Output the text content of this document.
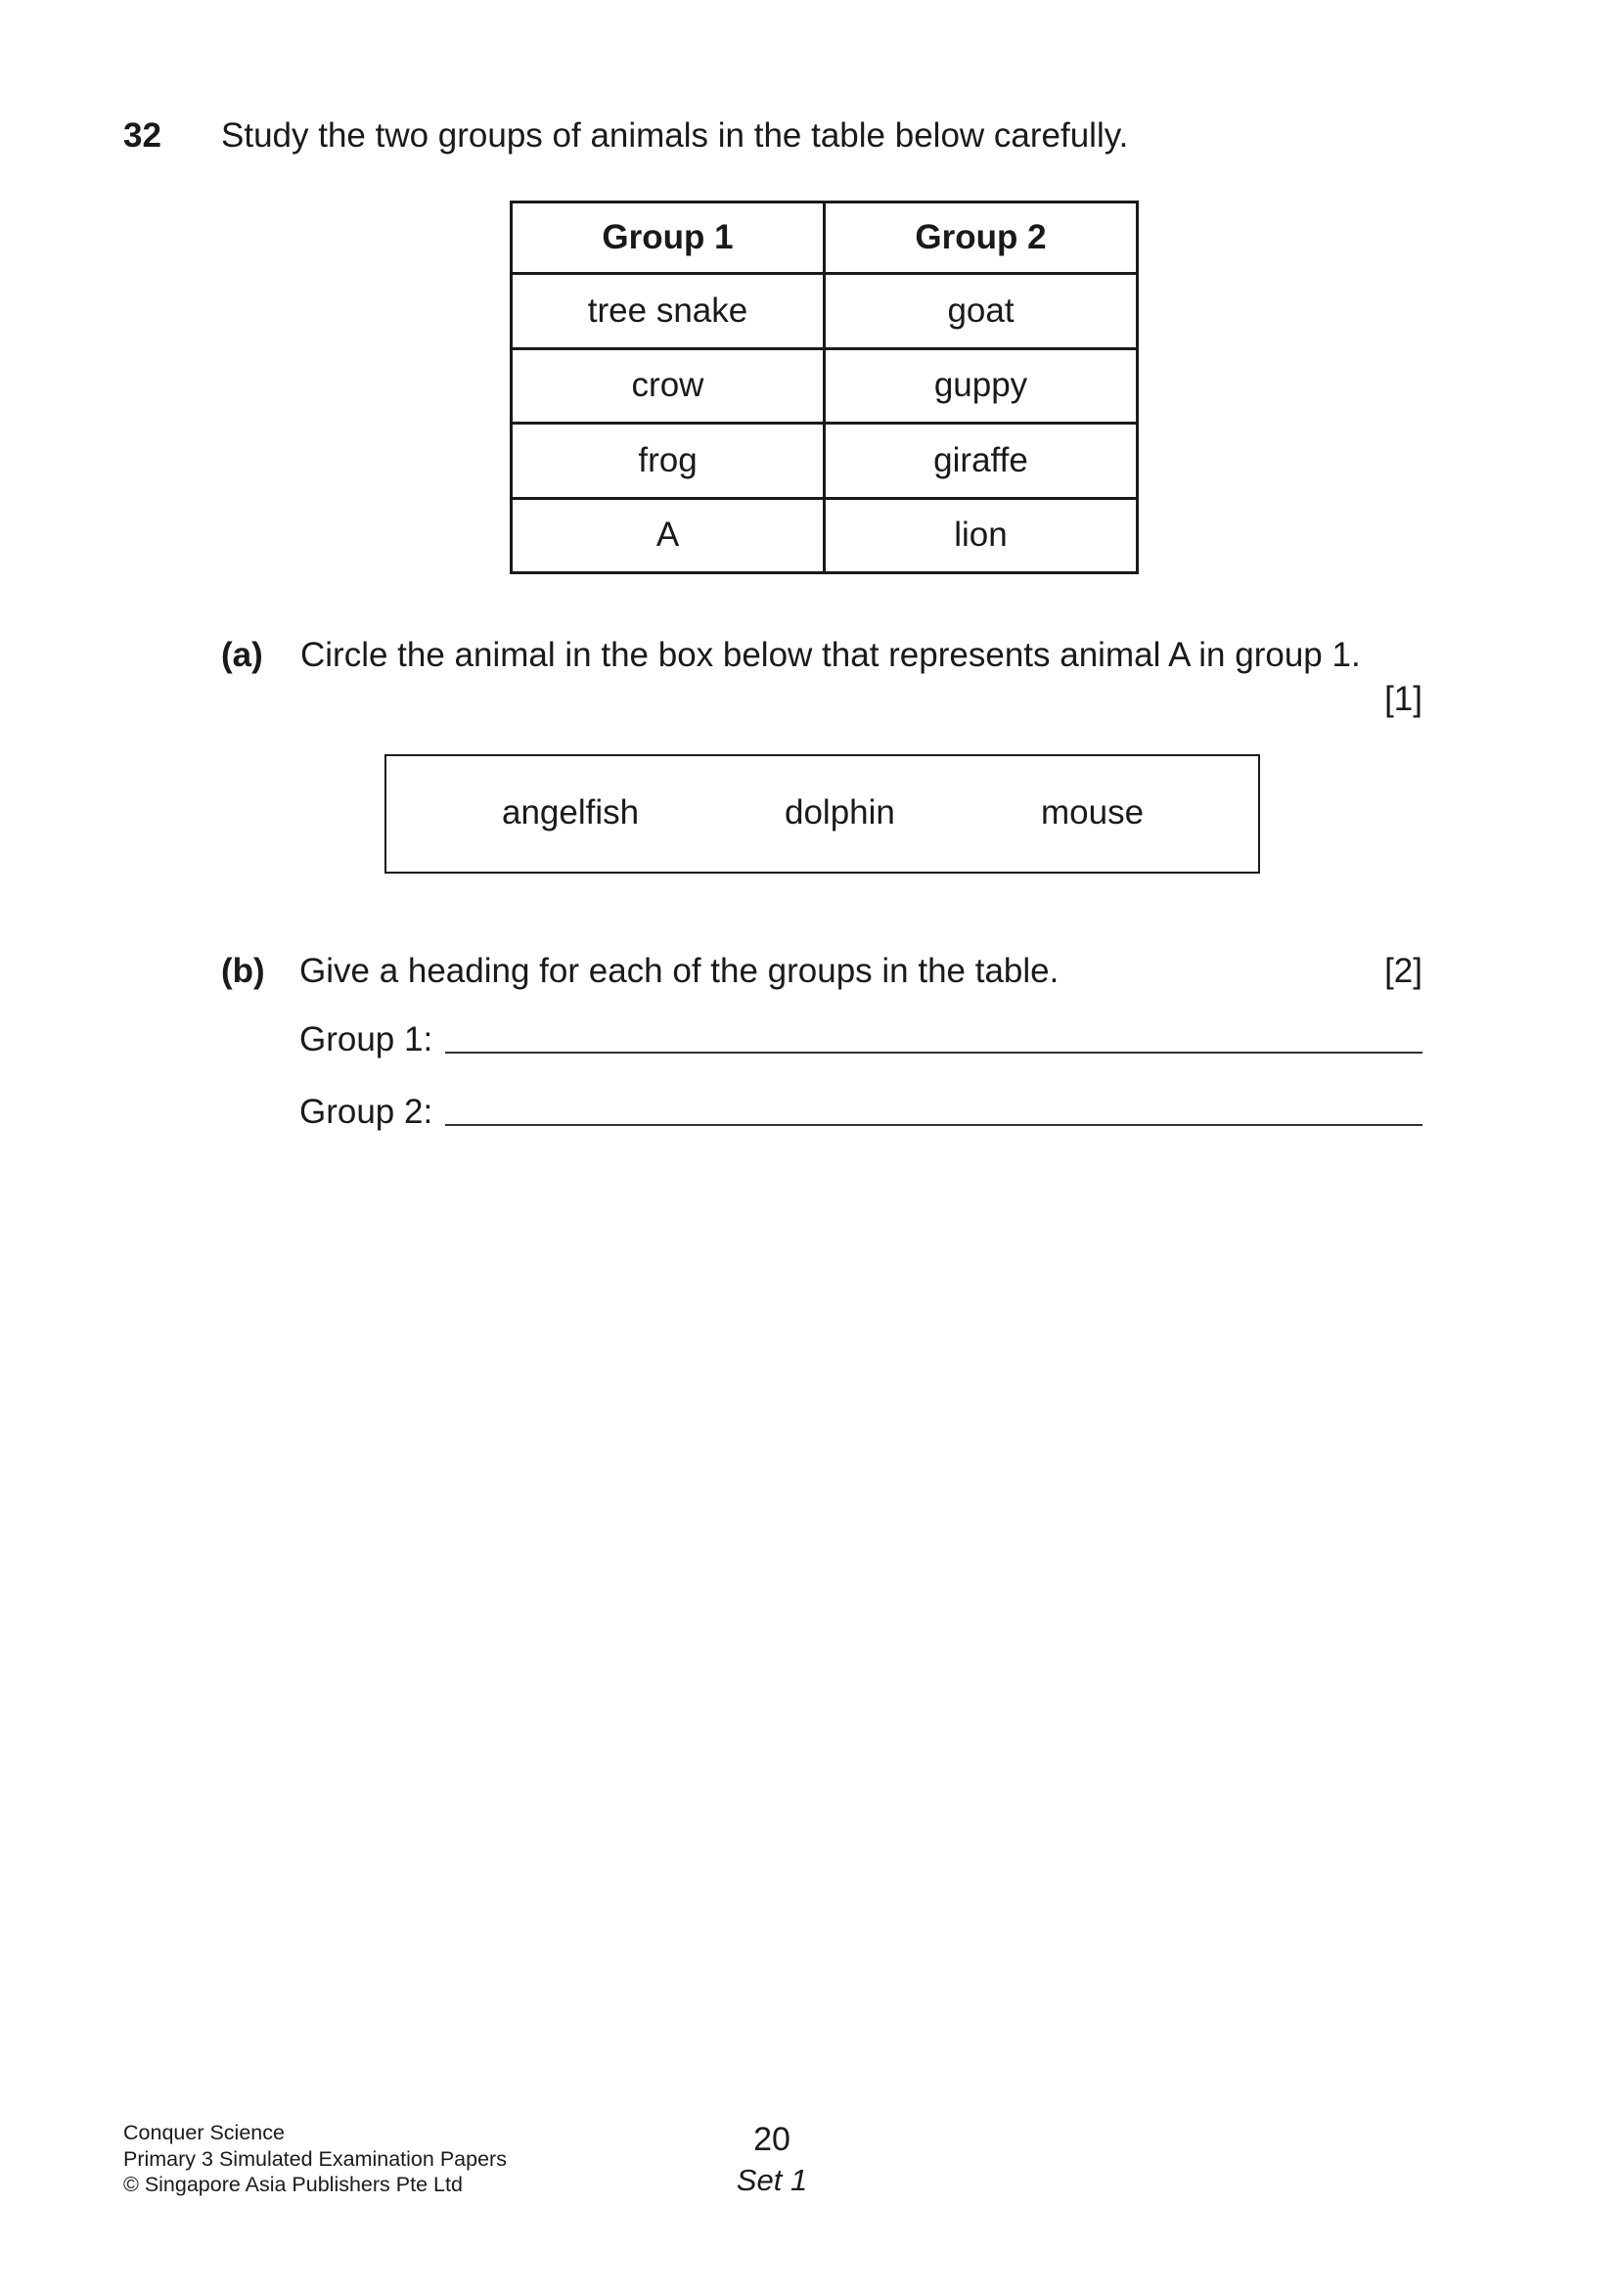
32 Study the two groups of animals in the table below carefully.
Group 1	Group 2
tree snake	goat
crow	guppy
frog	giraffe
A	lion
(a) Circle the animal in the box below that represents animal A in group 1.
[1]
angelfish	dolphin	mouse
(b) Give a heading for each of the groups in the table.	[2]
Group 1:
Group 2:
Conquer Science
Primary 3 Simulated Examination Papers
© Singapore Asia Publishers Pte Ltd
20
Set 1
